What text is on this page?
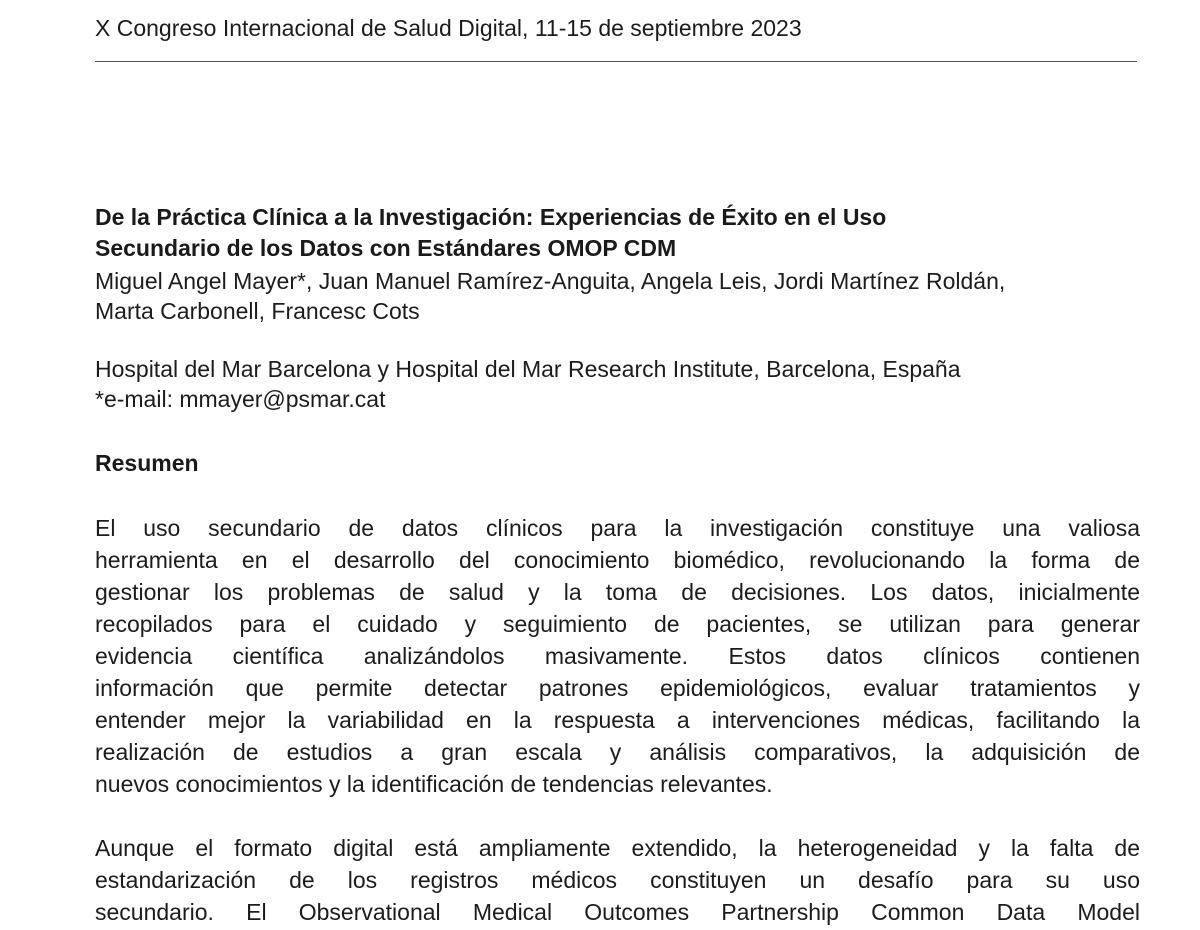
X Congreso Internacional de Salud Digital, 11-15 de septiembre 2023
De la Práctica Clínica a la Investigación: Experiencias de Éxito en el Uso
Secundario de los Datos con Estándares OMOP CDM
Miguel Angel Mayer*, Juan Manuel Ramírez-Anguita, Angela Leis, Jordi Martínez Roldán,
Marta Carbonell, Francesc Cots
Hospital del Mar Barcelona y Hospital del Mar Research Institute, Barcelona, España
*e-mail: mmayer@psmar.cat
Resumen
El uso secundario de datos clínicos para la investigación constituye una valiosa
herramienta en el desarrollo del conocimiento biomédico, revolucionando la forma de
gestionar los problemas de salud y la toma de decisiones. Los datos, inicialmente
recopilados para el cuidado y seguimiento de pacientes, se utilizan para generar
evidencia científica analizándolos masivamente. Estos datos clínicos contienen
información que permite detectar patrones epidemiológicos, evaluar tratamientos y
entender mejor la variabilidad en la respuesta a intervenciones médicas, facilitando la
realización de estudios a gran escala y análisis comparativos, la adquisición de
nuevos conocimientos y la identificación de tendencias relevantes.
Aunque el formato digital está ampliamente extendido, la heterogeneidad y la falta de
estandarización de los registros médicos constituyen un desafío para su uso
secundario. El Observational Medical Outcomes Partnership Common Data Model
